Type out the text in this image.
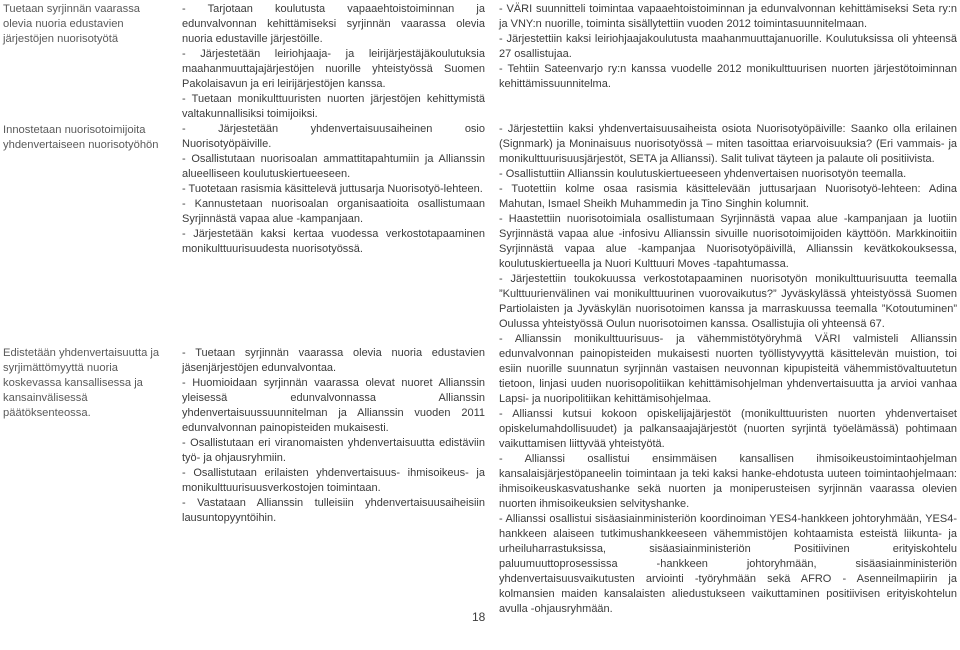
Tuetaan syrjinnän vaarassa olevia nuoria edustavien järjestöjen nuorisotyötä

Innostetaan nuorisotoimijoita yhdenvertaiseen nuorisotyöhön

Edistetään yhdenvertaisuutta ja syrjimättömyyttä nuoria koskevassa kansallisessa ja kansainvälisessä päätöksenteossa.

- Tarjotaan koulutusta vapaaehtoistoiminnan ja edunvalvonnan kehittämiseksi syrjinnän vaarassa olevia nuoria edustaville järjestöille.

- Järjestetään leiriohjaaja- ja leirijärjestäjäkoulutuksia maahanmuuttajajärjestöjen nuorille yhteistyössä Suomen Pakolaisavun ja eri leirijärjestöjen kanssa.

- Tuetaan monikulttuuristen nuorten järjestöjen kehittymistä valtakunnallisiksi toimijoiksi.

- Järjestetään yhdenvertaisuusaiheinen osio Nuorisotyöpäiville.

- Osallistutaan nuorisoalan ammattitapahtumiin ja Allianssin alueelliseen koulutuskiertueeseen.

- Tuotetaan rasismia käsittelevä juttusarja Nuorisotyö-lehteen.

- Kannustetaan nuorisoalan organisaatioita osallistumaan Syrjinnästä vapaa alue -kampanjaan.

- Järjestetään kaksi kertaa vuodessa verkostotapaaminen monikulttuurisuudesta nuorisotyössä.

- Tuetaan syrjinnän vaarassa olevia nuoria edustavien jäsenjärjestöjen edunvalvontaa.

- Huomioidaan syrjinnän vaarassa olevat nuoret Allianssin yleisessä edunvalvonnassa Allianssin yhdenvertaisuussuunnitelman ja Allianssin vuoden 2011 edunvalvonnan painopisteiden mukaisesti.

- Osallistutaan eri viranomaisten yhdenvertaisuutta edistäviin työ- ja ohjausryhmiin.

- Osallistutaan erilaisten yhdenvertaisuus- ihmisoikeus- ja monikulttuurisuusverkostojen toimintaan.

- Vastataan Allianssin tulleisiin yhdenvertaisuusaiheisiin lausuntopyyntöihin.

- VÄRI suunnitteli toimintaa vapaaehtoistoiminnan ja edunvalvonnan kehittämiseksi Seta ry:n ja VNY:n nuorille, toiminta sisällytettiin vuoden 2012 toimintasuunnitelmaan.

- Järjestettiin kaksi leiriohjaajakoulutusta maahanmuuttajanuorille. Koulutuksissa oli yhteensä 27 osallistujaa.

- Tehtiin Sateenvarjo ry:n kanssa vuodelle 2012 monikulttuurisen nuorten järjestötoiminnan kehittämissuunnitelma.

- Järjestettiin kaksi yhdenvertaisuusaiheista osiota Nuorisotyöpäiville: Saanko olla erilainen (Signmark) ja Moninaisuus nuorisotyössä – miten tasoittaa eriarvoisuuksia? (Eri vammais- ja monikulttuurisuusjärjestöt, SETA ja Allianssi). Salit tulivat täyteen ja palaute oli positiivista.

- Osallistuttiin Allianssin koulutuskiertueeseen yhdenvertaisen nuorisotyön teemalla.

- Tuotettiin kolme osaa rasismia käsittelevään juttusarjaan Nuorisotyö-lehteen: Adina Mahutan, Ismael Sheikh Muhammedin ja Tino Singhin kolumnit.

- Haastettiin nuorisotoimiala osallistumaan Syrjinnästä vapaa alue -kampanjaan ja luotiin Syrjinnästä vapaa alue -infosivu Allianssin sivuille nuorisotoimijoiden käyttöön. Markkinoitiin Syrjinnästä vapaa alue -kampanjaa Nuorisotyöpäivillä, Allianssin kevätkokouksessa, koulutuskiertueella ja Nuori Kulttuuri Moves -tapahtumassa.

- Järjestettiin toukokuussa verkostotapaaminen nuorisotyön monikulttuurisuutta teemalla ”Kulttuurienvälinen vai monikulttuurinen vuorovaikutus?” Jyväskylässä yhteistyössä Suomen Partiolaisten ja Jyväskylän nuorisotoimen kanssa ja marraskuussa teemalla ”Kotoutuminen” Oulussa yhteistyössä Oulun nuorisotoimen kanssa. Osallistujia oli yhteensä 67.

- Allianssin monikulttuurisuus- ja vähemmistötyöryhmä VÄRI valmisteli Allianssin edunvalvonnan painopisteiden mukaisesti nuorten työllistyvyyttä käsittelevän muistion, toi esiin nuorille suunnatun syrjinnän vastaisen neuvonnan kipupisteitä vähemmistövaltuutetun tietoon, linjasi uuden nuorisopolitiikan kehittämisohjelman yhdenvertaisuutta ja arvioi vanhaa Lapsi- ja nuoripolitiikan kehittämisohjelmaa.

- Allianssi kutsui kokoon opiskelijajärjestöt (monikulttuuristen nuorten yhdenvertaiset opiskelumahdollisuudet) ja palkansaajajärjestöt (nuorten syrjintä työelämässä) pohtimaan vaikuttamisen liittyvää yhteistyötä.

- Allianssi osallistui ensimmäisen kansallisen ihmisoikeustoimintaohjelman kansalaisjärjestöpaneelin toimintaan ja teki kaksi hanke-ehdotusta uuteen toimintaohjelmaan: ihmisoikeuskasvatushanke sekä nuorten ja moniperusteisen syrjinnän vaarassa olevien nuorten ihmisoikeuksien selvityshanke.

- Allianssi osallistui sisäasiainministeriön koordinoiman YES4-hankkeen johtoryhmään, YES4-hankkeen alaiseen tutkimushankkeeseen vähemmistöjen kohtaamista esteistä liikunta- ja urheiluharrastuksissa, sisäasiainministeriön Positiivinen erityiskohtelu paluumuuttoprosessissa -hankkeen johtoryhmään, sisäasiainministeriön yhdenvertaisuusvaikutusten arviointi -työryhmään sekä AFRO - Asenneilmapiirin ja kolmansien maiden kansalaisten aliedustukseen vaikuttaminen positiivisen erityiskohtelun avulla -ohjausryhmään.

18
